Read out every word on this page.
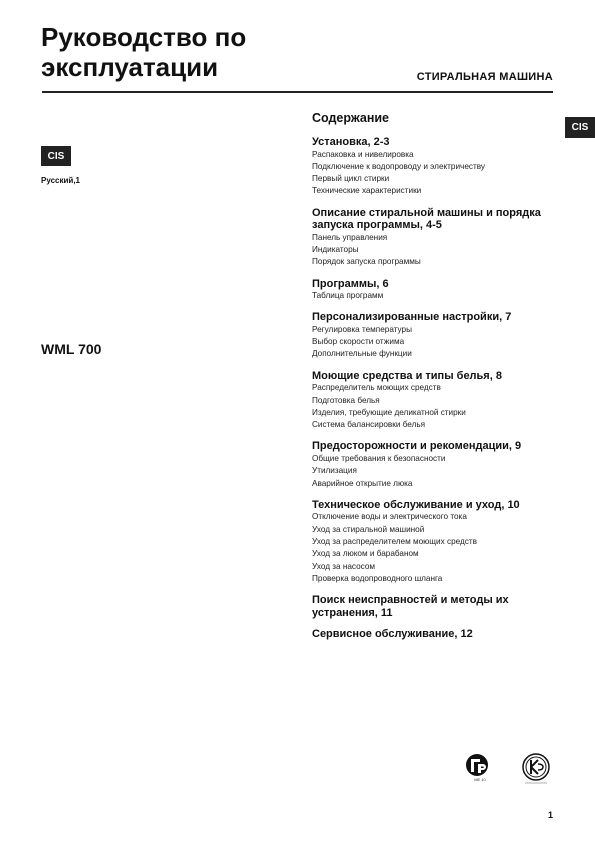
Руководство по
эксплуатации	СТИРАЛЬНАЯ МАШИНА
CIS
Русский,1
WML 700
CIS
Содержание
Установка, 2-3
Распаковка и нивелировка
Подключение к водопроводу и электричеству
Первый цикл стирки
Технические характеристики
Описание стиральной машины и порядка запуска программы, 4-5
Панель управления
Индикаторы
Порядок запуска программы
Программы, 6
Таблица программ
Персонализированные настройки, 7
Регулировка температуры
Выбор скорости отжима
Дополнительные функции
Моющие средства и типы белья, 8
Распределитель моющих средств
Подготовка белья
Изделия, требующие деликатной стирки
Система балансировки белья
Предосторожности и рекомендации, 9
Общие требования к безопасности
Утилизация
Аварийное открытие люка
Техническое обслуживание и уход, 10
Отключение воды и электрического тока
Уход за стиральной машиной
Уход за распределителем моющих средств
Уход за люком и барабаном
Уход за насосом
Проверка водопроводного шланга
Поиск неисправностей и методы их устранения, 11
Сервисное обслуживание, 12
МЕ 10
1
